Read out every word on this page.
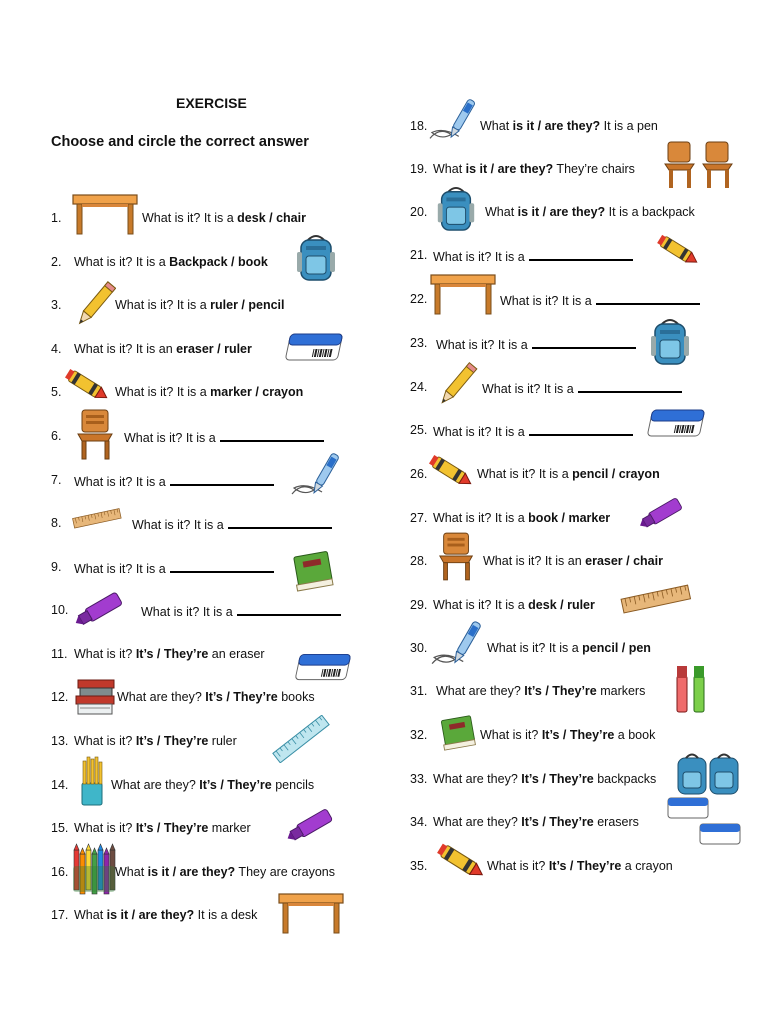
EXERCISE
Choose and circle the correct answer
1.	What is it? It is a desk / chair
2. What is it? It is a Backpack / book
3.	What is it? It is a ruler / pencil
4. What is it? It is an eraser / ruler
5.	What is it? It is a marker / crayon
6.	What is it? It is a
7. What is it? It is a
8.	What is it? It is a
9. What is it? It is a
10.	What is it? It is a
11. What is it? It’s / They’re an eraser
12.	What are they? It’s / They’re books
13. What is it? It’s / They’re ruler
14.	What are they? It’s / They’re pencils
15. What is it? It’s / They’re marker
16.	What is it / are they? They are crayons
17. What is it / are they? It is a desk
18.	What is it / are they? It is a pen
19. What is it / are they? They’re chairs
20.	What is it / are they? It is a backpack
21. What is it? It is a
22.	What is it? It is a
23. What is it? It is a
24.	What is it? It is a
25. What is it? It is a
26.	What is it? It is a pencil / crayon
27. What is it? It is a book / marker
28.	What is it? It is an eraser / chair
29. What is it? It is a desk / ruler
30.	What is it? It is a pencil / pen
31. What are they? It’s / They’re markers
32.	What is it? It’s / They’re a book
33. What are they? It’s / They’re backpacks
34. What are they? It’s / They’re erasers
35.	What is it? It’s / They’re a crayon
